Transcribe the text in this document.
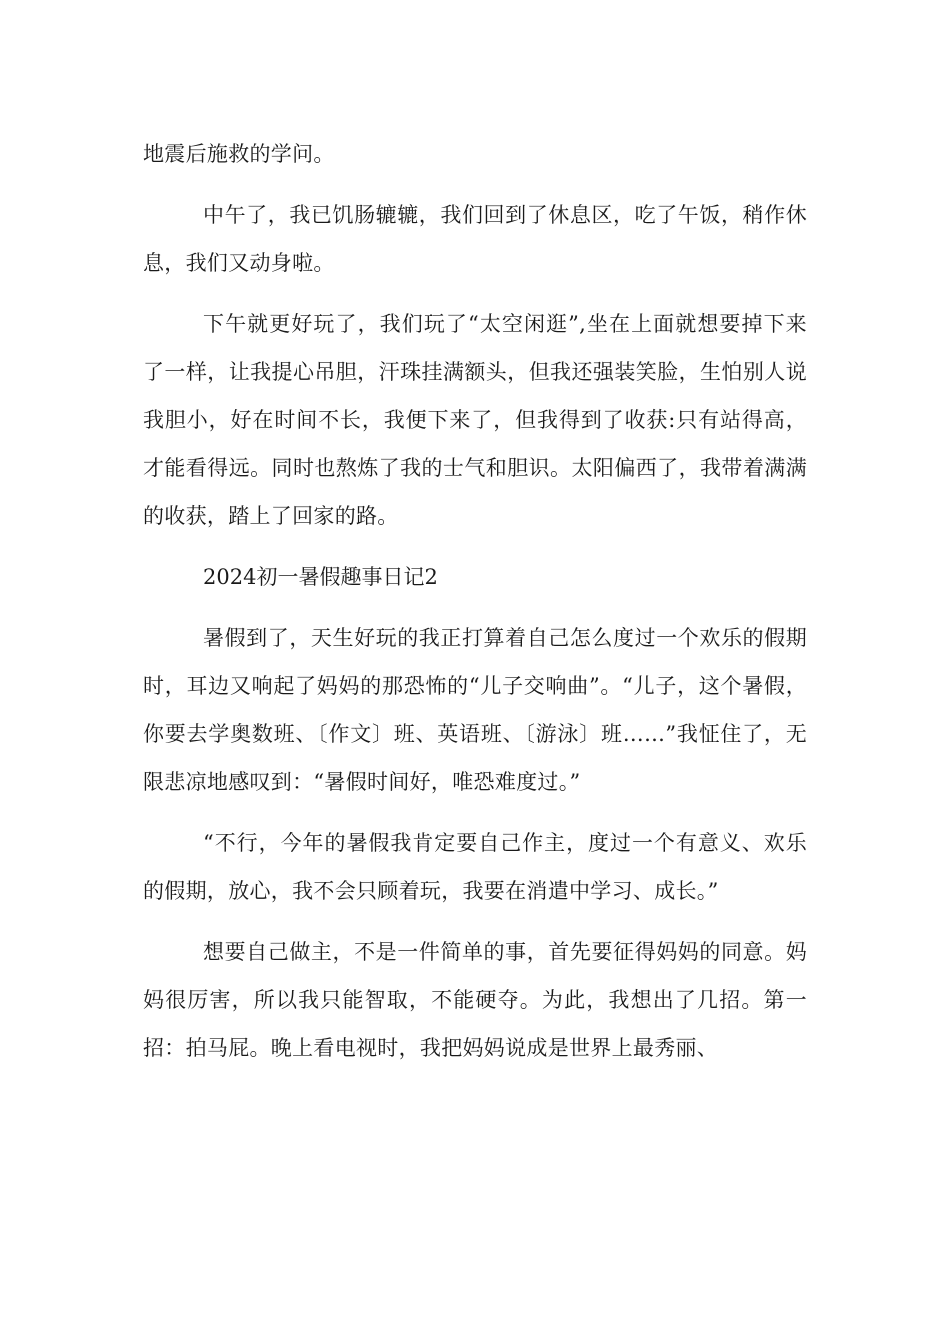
地震后施救的学问。

中午了，我已饥肠辘辘，我们回到了休息区，吃了午饭，稍作休息，我们又动身啦。

下午就更好玩了，我们玩了“太空闲逛”,坐在上面就想要掉下来了一样，让我提心吊胆，汗珠挂满额头，但我还强装笑脸，生怕别人说我胆小，好在时间不长，我便下来了，但我得到了收获:只有站得高，才能看得远。同时也熬炼了我的士气和胆识。太阳偏西了，我带着满满的收获，踏上了回家的路。

2024初一暑假趣事日记2

暑假到了，天生好玩的我正打算着自己怎么度过一个欢乐的假期时，耳边又响起了妈妈的那恐怖的“儿子交响曲”。“儿子，这个暑假，你要去学奥数班、〔作文〕班、英语班、〔游泳〕班……”我怔住了，无限悲凉地感叹到：“暑假时间好，唯恐难度过。”

“不行，今年的暑假我肯定要自己作主，度过一个有意义、欢乐的假期，放心，我不会只顾着玩，我要在消遣中学习、成长。”

想要自己做主，不是一件简单的事，首先要征得妈妈的同意。妈妈很厉害，所以我只能智取，不能硬夺。为此，我想出了几招。第一招：拍马屁。晚上看电视时，我把妈妈说成是世界上最秀丽、
